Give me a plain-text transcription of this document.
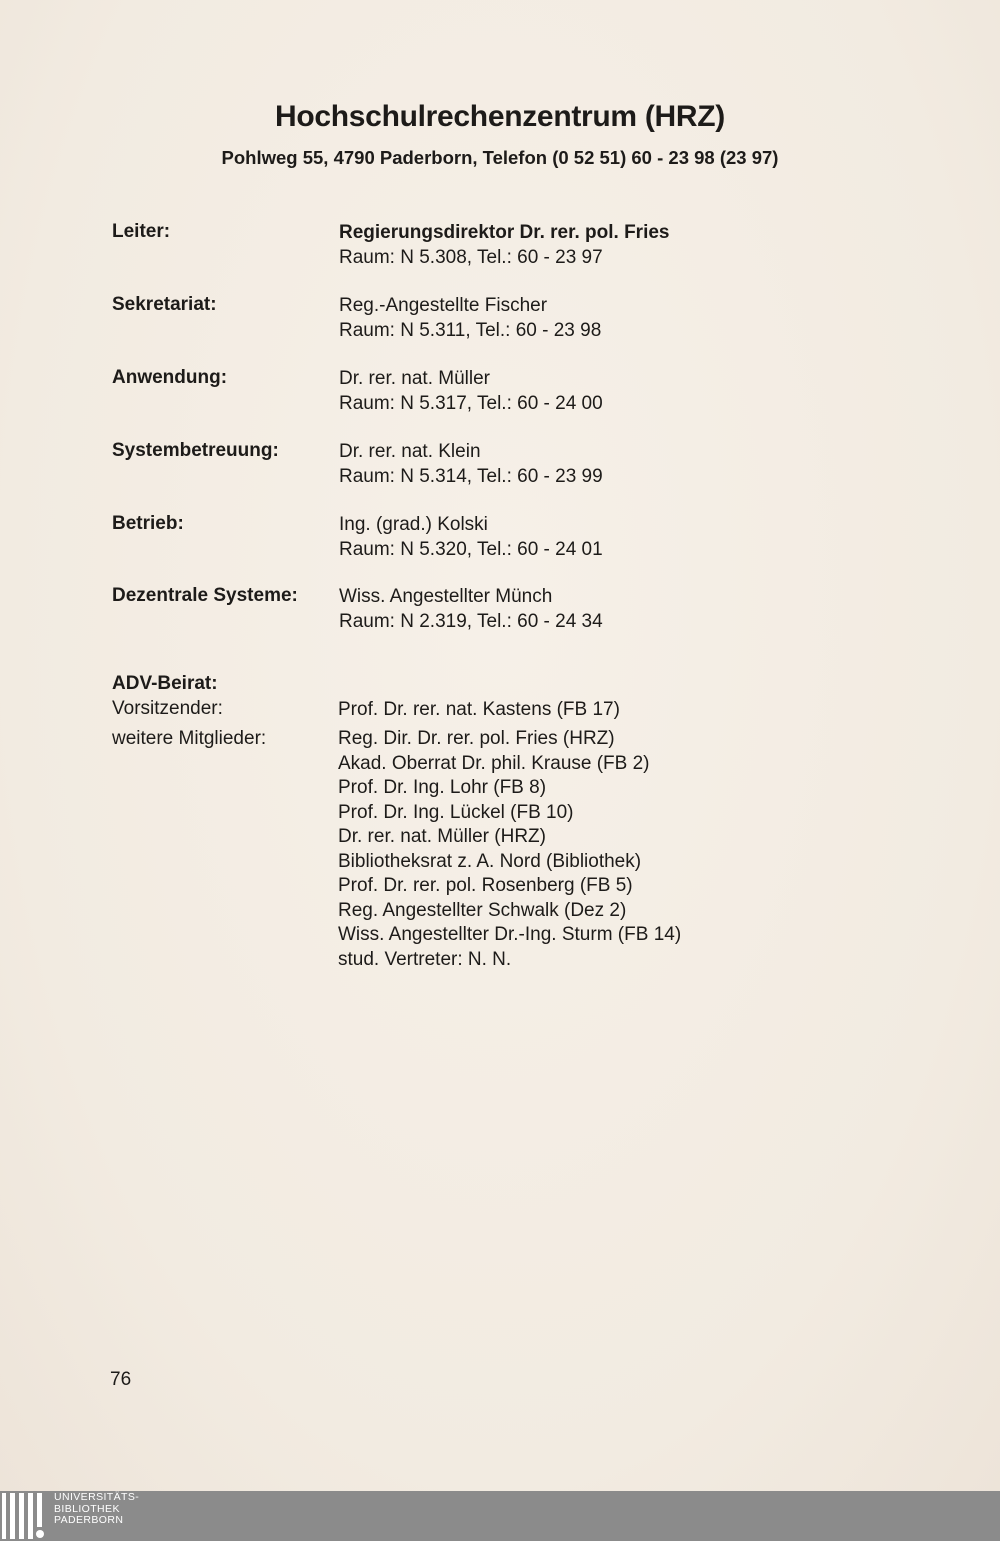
Hochschulrechenzentrum (HRZ)
Pohlweg 55, 4790 Paderborn, Telefon (0 52 51) 60 - 23 98 (23 97)
Leiter:	Regierungsdirektor Dr. rer. pol. Fries
Raum: N 5.308, Tel.: 60 - 23 97
Sekretariat:	Reg.-Angestellte Fischer
Raum: N 5.311, Tel.: 60 - 23 98
Anwendung:	Dr. rer. nat. Müller
Raum: N 5.317, Tel.: 60 - 24 00
Systembetreuung:	Dr. rer. nat. Klein
Raum: N 5.314, Tel.: 60 - 23 99
Betrieb:	Ing. (grad.) Kolski
Raum: N 5.320, Tel.: 60 - 24 01
Dezentrale Systeme: Wiss. Angestellter Münch
Raum: N 2.319, Tel.: 60 - 24 34
ADV-Beirat:
Vorsitzender:	Prof. Dr. rer. nat. Kastens (FB 17)
weitere Mitglieder:	Reg. Dir. Dr. rer. pol. Fries (HRZ)
Akad. Oberrat Dr. phil. Krause (FB 2)
Prof. Dr. Ing. Lohr (FB 8)
Prof. Dr. Ing. Lückel (FB 10)
Dr. rer. nat. Müller (HRZ)
Bibliotheksrat z. A. Nord (Bibliothek)
Prof. Dr. rer. pol. Rosenberg (FB 5)
Reg. Angestellter Schwalk (Dez 2)
Wiss. Angestellter Dr.-Ing. Sturm (FB 14)
stud. Vertreter: N. N.
76
UNIVERSITÄTS-
BIBLIOTHEK
PADERBORN
